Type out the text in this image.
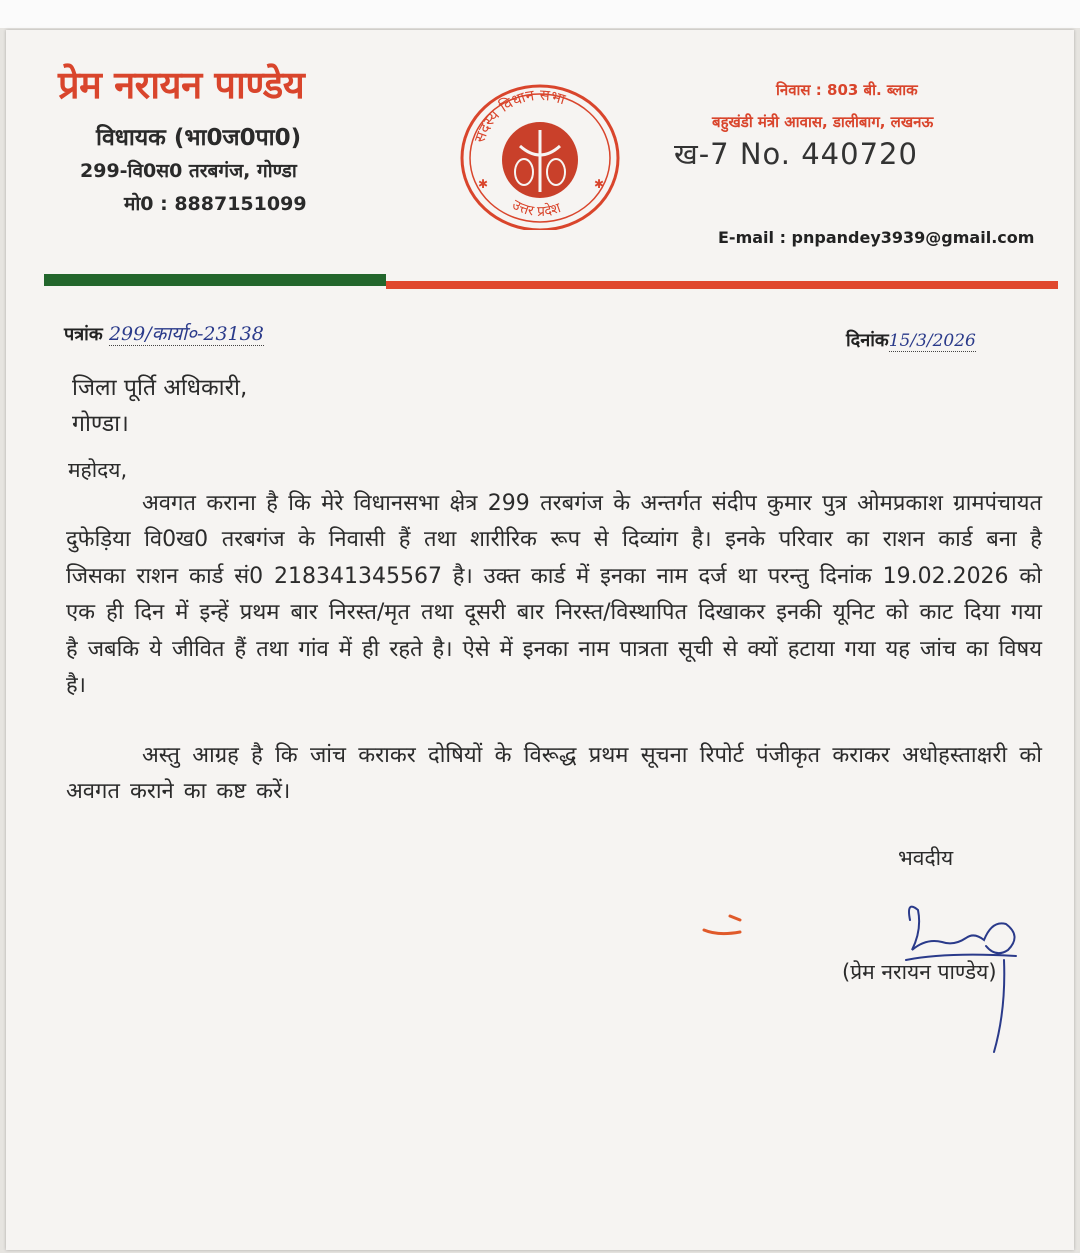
प्रेम नरायन पाण्डेय
विधायक (भा0ज0पा0)
299-वि0स0 तरबगंज, गोण्डा
मो0 : 8887151099
सदस्य विधान सभा
उत्तर प्रदेश
✱	✱
निवास : 803 बी. ब्लाक
बहुखंडी मंत्री आवास, डालीबाग, लखनऊ
ख-7 No. 440720
E-mail : pnpandey3939@gmail.com
पत्रांक 299/कार्या०-23138	दिनांक15/3/2026
जिला पूर्ति अधिकारी,
गोण्डा।
महोदय,
अवगत कराना है कि मेरे विधानसभा क्षेत्र 299 तरबगंज के अन्तर्गत संदीप कुमार पुत्र ओमप्रकाश ग्रामपंचायत दुफेड़िया वि0ख0 तरबगंज के निवासी हैं तथा शारीरिक रूप से दिव्यांग है। इनके परिवार का राशन कार्ड बना है जिसका राशन कार्ड सं0 218341345567 है। उक्त कार्ड में इनका नाम दर्ज था परन्तु दिनांक 19.02.2026 को एक ही दिन में इन्हें प्रथम बार निरस्त/मृत तथा दूसरी बार निरस्त/विस्थापित दिखाकर इनकी यूनिट को काट दिया गया है जबकि ये जीवित हैं तथा गांव में ही रहते है। ऐसे में इनका नाम पात्रता सूची से क्यों हटाया गया यह जांच का विषय है।
अस्तु आग्रह है कि जांच कराकर दोषियों के विरूद्ध प्रथम सूचना रिपोर्ट पंजीकृत कराकर अधोहस्ताक्षरी को अवगत कराने का कष्ट करें।
भवदीय
(प्रेम नरायन पाण्डेय)
